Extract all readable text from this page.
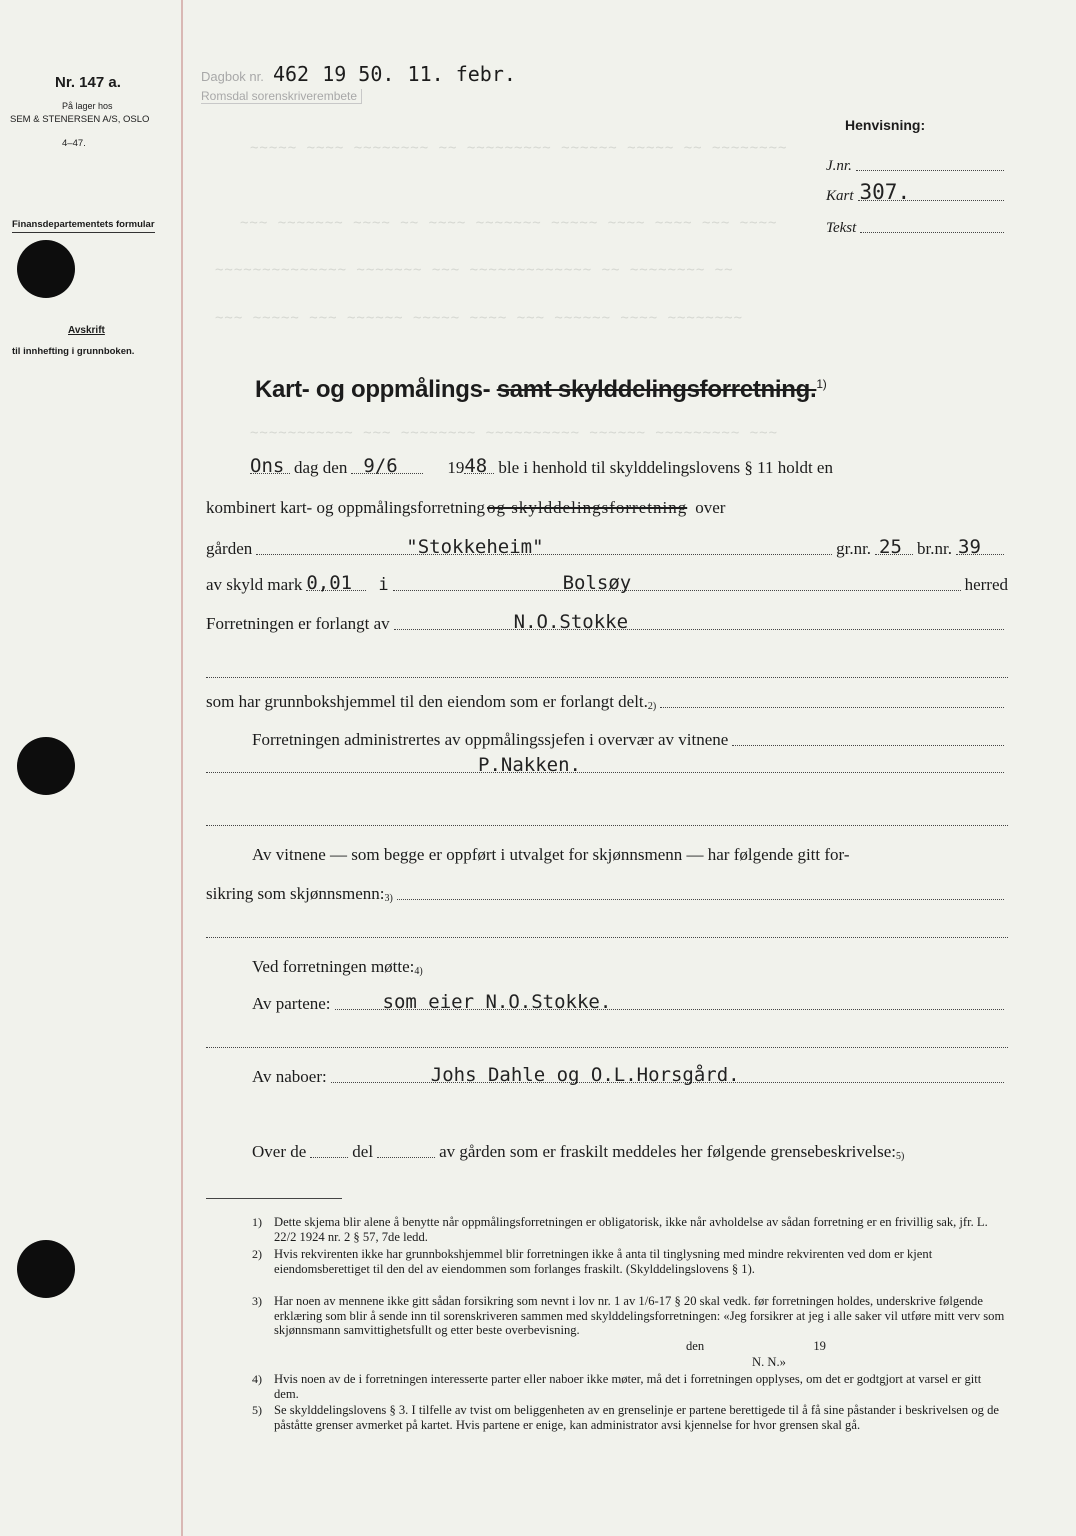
Nr. 147 a.
På lager hos
SEM & STENERSEN A/S, OSLO
4–47.
Finansdepartementets formular
Avskrift
til innhefting i grunnboken.
~~~~~ ~~~~ ~~~~~~~~ ~~ ~~~~~~~~~ ~~~~~~ ~~~~~ ~~ ~~~~~~~~
~~~ ~~~~~~~ ~~~~ ~~ ~~~~ ~~~~~~~ ~~~~~ ~~~~ ~~~~ ~~~ ~~~~
~~~~~~~~~~~~~~ ~~~~~~~ ~~~ ~~~~~~~~~~~~~ ~~ ~~~~~~~~ ~~
~~~ ~~~~~ ~~~ ~~~~~~ ~~~~~ ~~~~ ~~~ ~~~~~~ ~~~~ ~~~~~~~~
~~~~~~~~~~~ ~~~ ~~~~~~~~ ~~~~~~~~~~ ~~~~~~ ~~~~~~~~~ ~~~
Dagbok nr. 462 19 50. 11. febr.
Romsdal sorenskriverembete
Henvisning:
J.nr.
Kart 307.
Tekst
Kart- og oppmålings- samt skylddelingsforretning.$^{1)}$
Ons dag den 9/6	19 48 ble i henhold til skylddelingslovens § 11 holdt en
kombinert kart- og oppmålingsforretning og skylddelingsforretning over
gården	"Stokkeheim"	gr.nr. 25 br.nr. 39
av skyld mark 0,01 i	Bolsøy	herred
Forretningen er forlangt av	N.O.Stokke
som har grunnbokshjemmel til den eiendom som er forlangt $delt._{2)}$
Forretningen administrertes av oppmålingssjefen i overvær av vitnene
P.Nakken.
Av vitnene — som begge er oppført i utvalget for skjønnsmenn — har følgende gitt for-
sikring som $skjønnsmenn:_{3)}$
Ved forretningen $møtte:_{4)}$
Av partene:	som eier N.O.Stokke.
Av naboer:	Johs Dahle og O.L.Horsgård.
Over de	del	av gården som er fraskilt meddeles her følgende $grensebeskrivelse:_{5)}$
1) Dette skjema blir alene å benytte når oppmålingsforretningen er obligatorisk, ikke når avholdelse av sådan forretning er en frivillig sak, jfr. L. 22/2 1924 nr. 2 § 57, 7de ledd.
2) Hvis rekvirenten ikke har grunnbokshjemmel blir forretningen ikke å anta til tinglysning med mindre rekvirenten ved dom er kjent eiendomsberettiget til den del av eiendommen som forlanges fraskilt. (Skylddelingslovens § 1).
3) Har noen av mennene ikke gitt sådan forsikring som nevnt i lov nr. 1 av 1/6-17 § 20 skal vedk. før forretningen holdes, underskrive følgende erklæring som blir å sende inn til sorenskriveren sammen med skylddelingsforretningen: «Jeg forsikrer at jeg i alle saker vil utføre mitt verv som skjønnsmann samvittighetsfullt og etter beste overbevisning.
den	19
N. N.»
4) Hvis noen av de i forretningen interesserte parter eller naboer ikke møter, må det i forretningen opplyses, om det er godtgjort at varsel er gitt dem.
5) Se skylddelingslovens § 3. I tilfelle av tvist om beliggenheten av en grenselinje er partene berettigede til å få sine påstander i beskrivelsen og de påståtte grenser avmerket på kartet. Hvis partene er enige, kan administrator avsi kjennelse for hvor grensen skal gå.
